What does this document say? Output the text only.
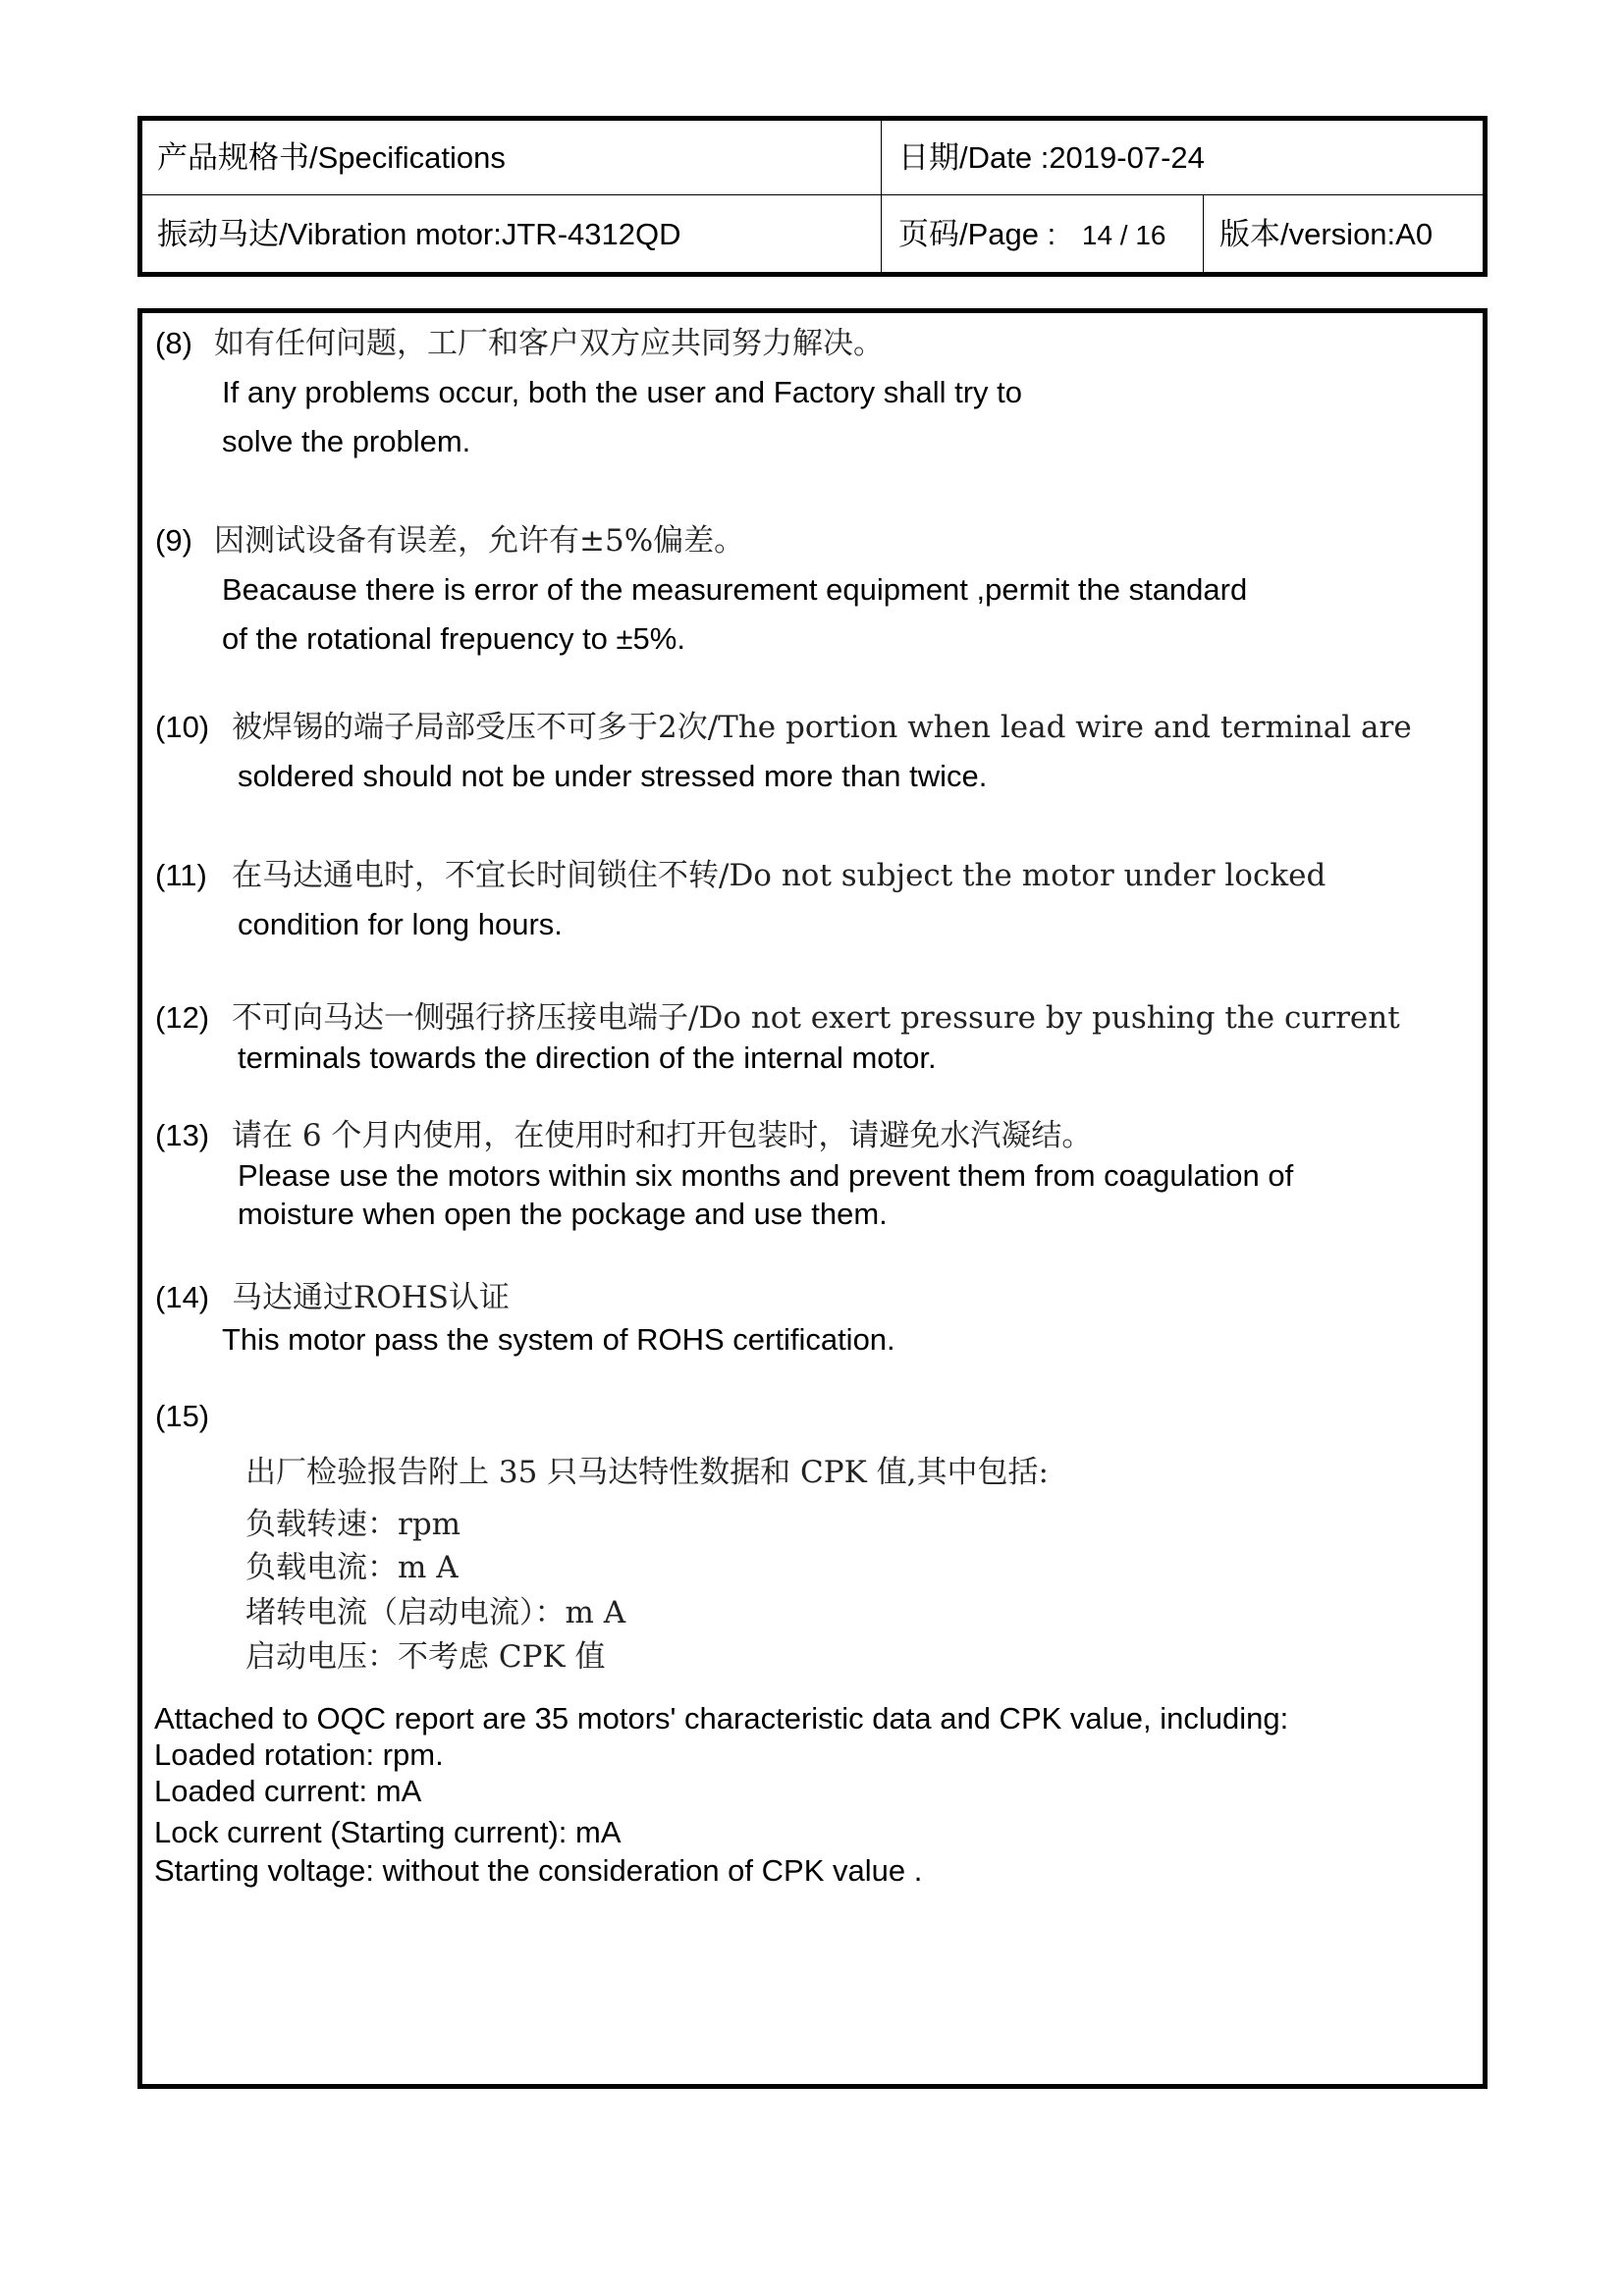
产品规格书/Specifications	日期/Date :2019-07-24
振动马达/Vibration motor:JTR-4312QD	页码/Page : 14 / 16 版本/version:A0
(8) 如有任何问题，工厂和客户双方应共同努力解决。
If any problems occur, both the user and Factory shall try to
solve the problem.
(9) 因测试设备有误差，允许有±5%偏差。
Beacause there is error of the measurement equipment ,permit the standard
of the rotational frepuency to ±5%.
(10) 被焊锡的端子局部受压不可多于2次/The portion when lead wire and terminal are
soldered should not be under stressed more than twice.
(11) 在马达通电时，不宜长时间锁住不转/Do not subject the motor under locked
condition for long hours.
(12) 不可向马达一侧强行挤压接电端子/Do not exert pressure by pushing the current
terminals towards the direction of the internal motor.
(13) 请在 6 个月内使用，在使用时和打开包装时，请避免水汽凝结。
Please use the motors within six months and prevent them from coagulation of
moisture when open the pockage and use them.
(14) 马达通过ROHS认证
This motor pass the system of ROHS certification.
(15)
出厂检验报告附上 35 只马达特性数据和 CPK 值,其中包括:
负载转速：rpm
负载电流：m A
堵转电流（启动电流）：m A
启动电压：不考虑 CPK 值
Attached to OQC report are 35 motors' characteristic data and CPK value, including:
Loaded rotation: rpm.
Loaded current: mA
Lock current (Starting current): mA
Starting voltage: without the consideration of CPK value .
